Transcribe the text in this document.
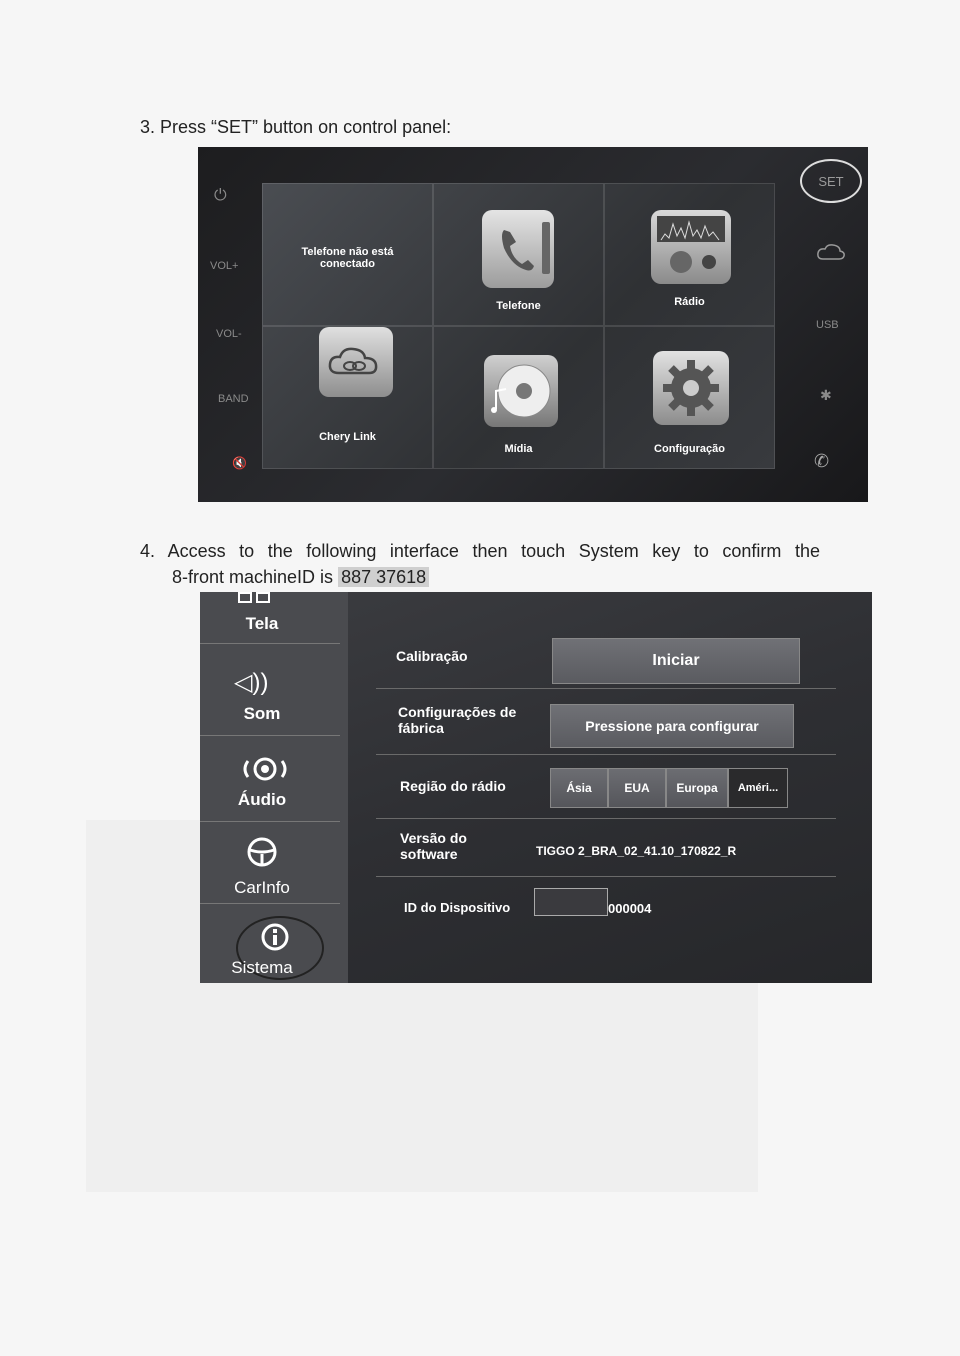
3. Press “SET” button on control panel:
4. Access to the following interface then touch System key to confirm the
8-front machineID is 887 37618
⏻
VOL+
VOL-
BAND
🔇
SET
USB
✱
✆
Telefone não está conectado
Telefone	Rádio
Chery Link
Mídia	Configuração
Tela
◁))
Som
Áudio
CarInfo
Sistema
Calibração	Iniciar
Configurações de fábrica	Pressione para configurar
Região do rádio	Ásia	EUA	Europa	Améri...
Versão do software	TIGGO 2_BRA_02_41.10_170822_R
ID do Dispositivo	000004
